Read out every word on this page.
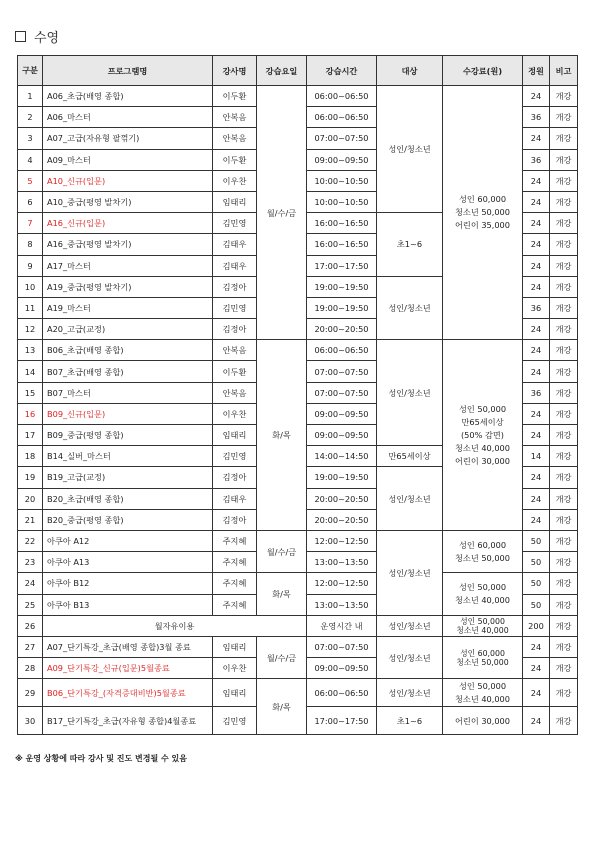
수영
구분	프로그램명	강사명	강습요일	강습시간	대상	수강료(원)	정원	비고
1	A06_초급(배영 종합)	이두환	월/수/금	06:00~06:50	성인/청소년	성인 60,000
청소년 50,000
어린이 35,000	24	개강
2	A06_마스터	안복음		06:00~06:50			36	개강
3	A07_고급(자유형 팔꺾기)	안복음		07:00~07:50			24	개강
4	A09_마스터	이두환		09:00~09:50			36	개강
5	A10_신규(입문)	이우찬		10:00~10:50			24	개강
6	A10_중급(평영 발차기)	임태리		10:00~10:50			24	개강
7	A16_신규(입문)	김민영		16:00~16:50	초1~6		24	개강
8	A16_중급(평영 발차기)	김태우		16:00~16:50			24	개강
9	A17_마스터	김태우		17:00~17:50			24	개강
10	A19_중급(평영 발차기)	김정아		19:00~19:50	성인/청소년		24	개강
11	A19_마스터	김민영		19:00~19:50			36	개강
12	A20_고급(교정)	김정아		20:00~20:50			24	개강
13	B06_초급(배영 종합)	안복음	화/목	06:00~06:50	성인/청소년	성인 50,000
만65세이상
(50% 감면)
청소년 40,000
어린이 30,000	24	개강
14	B07_초급(배영 종합)	이두환		07:00~07:50			24	개강
15	B07_마스터	안복음		07:00~07:50			36	개강
16	B09_신규(입문)	이우찬		09:00~09:50			24	개강
17	B09_중급(평영 종합)	임태리		09:00~09:50			24	개강
18	B14_실버_마스터	김민영		14:00~14:50	만65세이상		14	개강
19	B19_고급(교정)	김정아		19:00~19:50	성인/청소년		24	개강
20	B20_초급(배영 종합)	김태우		20:00~20:50			24	개강
21	B20_중급(평영 종합)	김정아		20:00~20:50			24	개강
22	아쿠아 A12	주지혜	월/수/금	12:00~12:50	성인/청소년	성인 60,000
청소년 50,000	50	개강
23	아쿠아 A13	주지혜		13:00~13:50			50	개강
24	아쿠아 B12	주지혜	화/목	12:00~12:50		성인 50,000
청소년 40,000	50	개강
25	아쿠아 B13	주지혜		13:00~13:50			50	개강
26	월자유이용			운영시간 내	성인/청소년	성인 50,000
청소년 40,000	200	개강
27	A07_단기특강_초급(배영 종합)3월 종료	임태리	월/수/금	07:00~07:50	성인/청소년	성인 60,000
청소년 50,000	24	개강
28	A09_단기특강_신규(입문)5월종료	이우찬		09:00~09:50			24	개강
29	B06_단기특강_(자격증대비반)5월종료	임태리	화/목	06:00~06:50	성인/청소년	성인 50,000
청소년 40,000	24	개강
30	B17_단기특강_초급(자유형 종합)4월종료	김민영		17:00~17:50	초1~6	어린이 30,000	24	개강
※ 운영 상황에 따라 강사 및 진도 변경될 수 있음
